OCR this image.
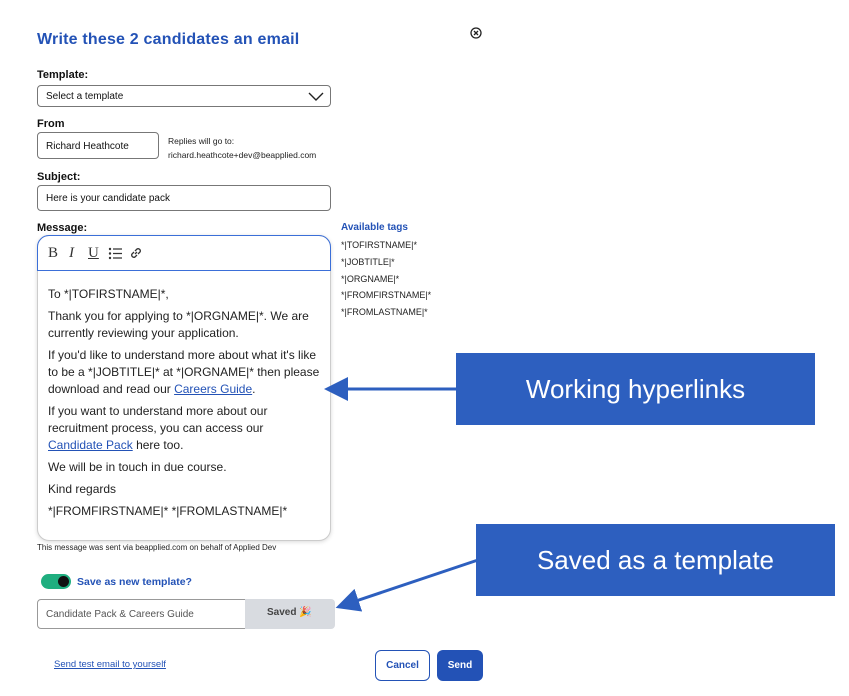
Write these 2 candidates an email
Template:
Select a template
From
Richard Heathcote	Replies will go to:
richard.heathcote+dev@beapplied.com
Subject:
Here is your candidate pack
Message:
B I U

To *|TOFIRSTNAME|*,

Thank you for applying to *|ORGNAME|*. We are currently reviewing your application.

If you'd like to understand more about what it's like to be a *|JOBTITLE|* at *|ORGNAME|* then please download and read our Careers Guide.

If you want to understand more about our recruitment process, you can access our Candidate Pack here too.

We will be in touch in due course.

Kind regards

*|FROMFIRSTNAME|* *|FROMLASTNAME|*

Available tags
*|TOFIRSTNAME|*
*|JOBTITLE|*
*|ORGNAME|*
*|FROMFIRSTNAME|*
*|FROMLASTNAME|*
This message was sent via beapplied.com on behalf of Applied Dev
Save as new template?
Candidate Pack & Careers Guide	Saved 🎉
Send test email to yourself	Cancel	Send
Working hyperlinks
Saved as a template
